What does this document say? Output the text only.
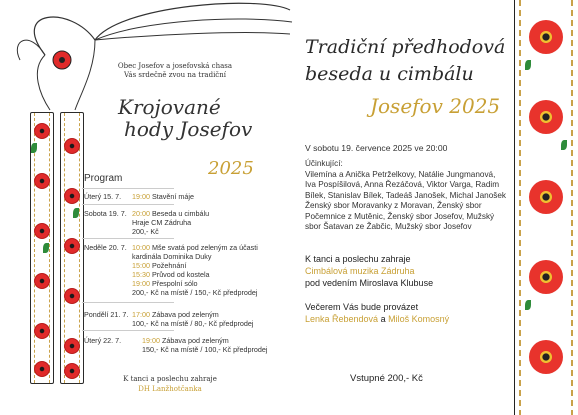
Obec Josefov a josefovská chasa
Vás srdečně zvou na tradiční
Krojované
hody Josefov
2025
Program
Úterý 15. 7.	19:00 Stavění máje
Sobota 19. 7. 20:00 Beseda u cimbálu
Hraje CM Zádruha
200,- Kč
Neděle 20. 7. 10:00 Mše svatá pod zeleným za účasti
kardinála Dominika Duky
15:00 Požehnání
15:30 Průvod od kostela
19:00 Přespolní sólo
200,- Kč na místě / 150,- Kč předprodej
Pondělí 21. 7. 17:00 Zábava pod zeleným
100,- Kč na místě / 80,- Kč předprodej
Úterý 22. 7.	19:00 Zábava pod zeleným
150,- Kč na místě / 100,- Kč předprodej
K tanci a poslechu zahraje
DH Lanžhotčanka
Tradiční předhodová
beseda u cimbálu
Josefov 2025
V sobotu 19. července 2025 ve 20:00
Účinkující:
Vilemína a Anička Petrželkovy, Natálie Jungmanová,
Iva Pospíšilová, Anna Řezáčová, Viktor Varga, Radim
Bílek, Stanislav Bílek, Tadeáš Janošek, Michal Janošek
Ženský sbor Moravanky z Moravan, Ženský sbor
Počemnice z Mutěnic, Ženský sbor Josefov, Mužský
sbor Šatavan ze Žabčic, Mužský sbor Josefov
K tanci a poslechu zahraje
Cimbálová muzika Zádruha
pod vedením Miroslava Klubuse
Večerem Vás bude provázet
Lenka Řebendová a Miloš Komosný
Vstupné 200,- Kč
